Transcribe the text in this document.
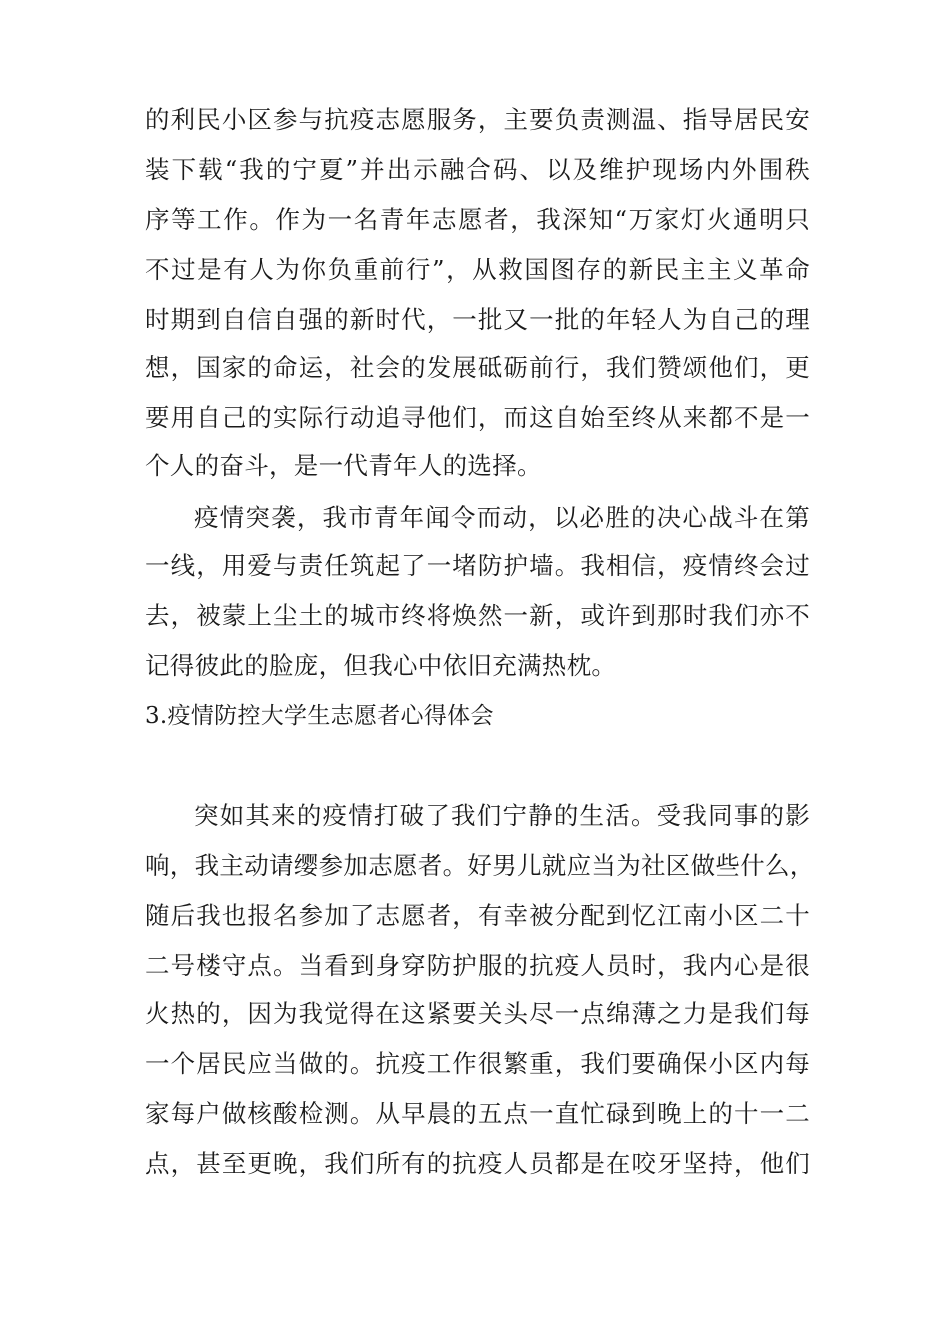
的利民小区参与抗疫志愿服务，主要负责测温、指导居民安
装下载“我的宁夏”并出示融合码、以及维护现场内外围秩
序等工作。作为一名青年志愿者，我深知“万家灯火通明只
不过是有人为你负重前行”，从救国图存的新民主主义革命
时期到自信自强的新时代，一批又一批的年轻人为自己的理
想，国家的命运，社会的发展砥砺前行，我们赞颂他们，更
要用自己的实际行动追寻他们，而这自始至终从来都不是一
个人的奋斗，是一代青年人的选择。
疫情突袭，我市青年闻令而动，以必胜的决心战斗在第
一线，用爱与责任筑起了一堵防护墙。我相信，疫情终会过
去，被蒙上尘土的城市终将焕然一新，或许到那时我们亦不
记得彼此的脸庞，但我心中依旧充满热枕。
3.疫情防控大学生志愿者心得体会
突如其来的疫情打破了我们宁静的生活。受我同事的影
响，我主动请缨参加志愿者。好男儿就应当为社区做些什么，
随后我也报名参加了志愿者，有幸被分配到忆江南小区二十
二号楼守点。当看到身穿防护服的抗疫人员时，我内心是很
火热的，因为我觉得在这紧要关头尽一点绵薄之力是我们每
一个居民应当做的。抗疫工作很繁重，我们要确保小区内每
家每户做核酸检测。从早晨的五点一直忙碌到晚上的十一二
点，甚至更晚，我们所有的抗疫人员都是在咬牙坚持，他们
